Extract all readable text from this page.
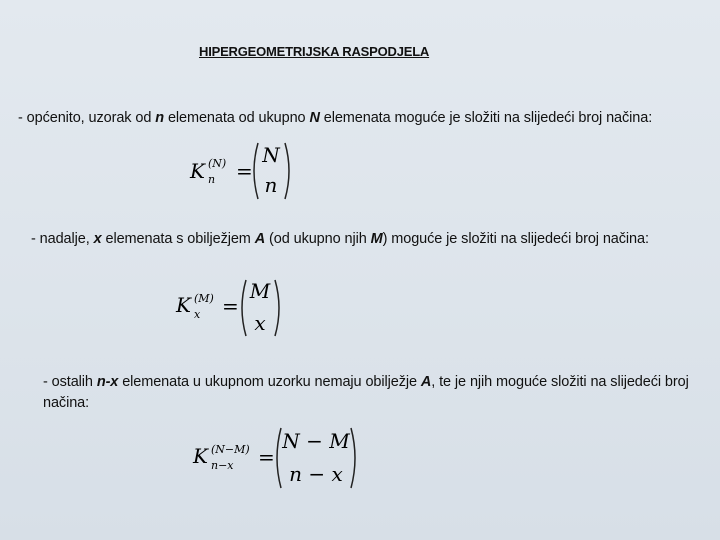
HIPERGEOMETRIJSKA RASPODJELA
- općenito, uzorak od n elemenata od ukupno N elemenata moguće je složiti na slijedeći broj načina:
K n
(N) =
N
n
- nadalje, x elemenata s obilježjem A (od ukupno njih M) moguće je složiti na slijedeći broj načina:
K x
(M) =
M
x
- ostalih n-x elemenata u ukupnom uzorku nemaju obilježje A, te je njih moguće složiti na slijedeći broj načina:
K n−x
(N−M) =
N − M
n − x
